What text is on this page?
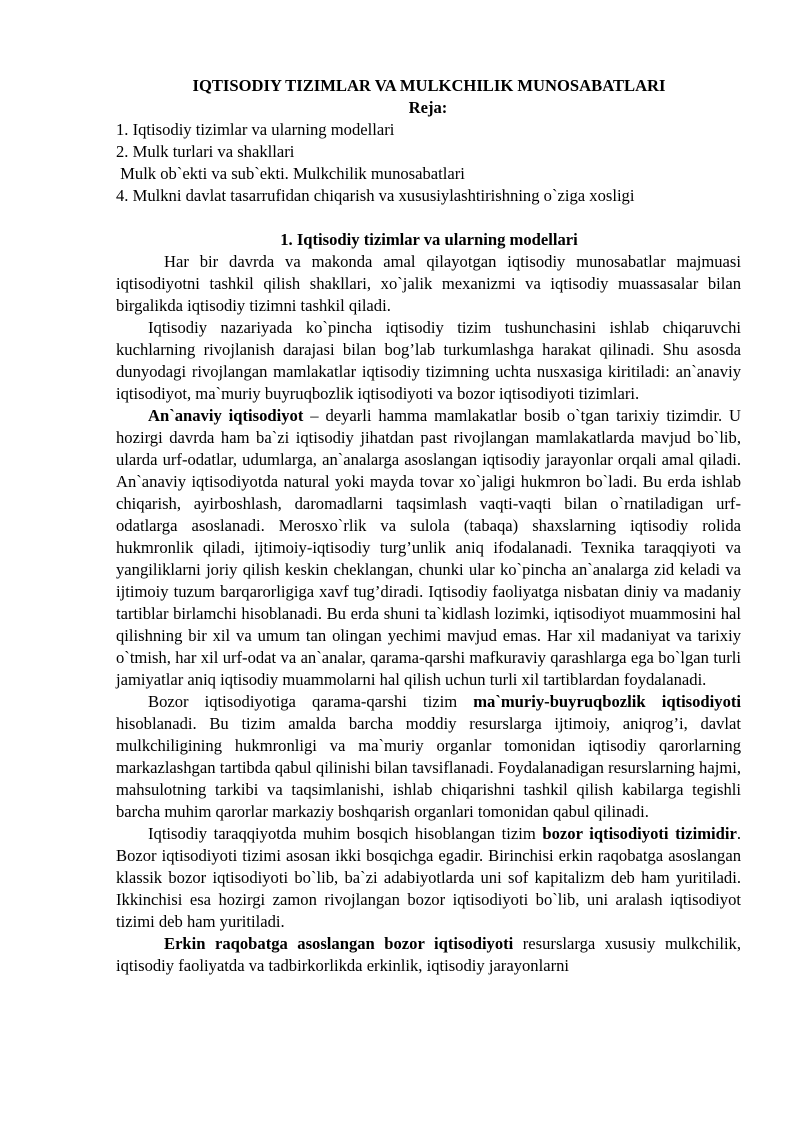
IQTISODIY TIZIMLAR VA MULKCHILIK MUNOSABATLARI
Reja:
1. Iqtisodiy tizimlar va ularning modellari
2. Mulk turlari va shakllari
Mulk ob`ekti va sub`ekti. Mulkchilik munosabatlari
4. Mulkni davlat tasarrufidan chiqarish va xususiylashtirishning o`ziga xosligi
1. Iqtisodiy tizimlar va ularning modellari

Har bir davrda va makonda amal qilayotgan iqtisodiy munosabatlar majmuasi iqtisodiyotni tashkil qilish shakllari, xo`jalik mexanizmi va iqtisodiy muassasalar bilan birgalikda iqtisodiy tizimni tashkil qiladi.

Iqtisodiy nazariyada ko`pincha iqtisodiy tizim tushunchasini ishlab chiqaruvchi kuchlarning rivojlanish darajasi bilan bog’lab turkumlashga harakat qilinadi. Shu asosda dunyodagi rivojlangan mamlakatlar iqtisodiy tizimning uchta nusxasiga kiritiladi: an`anaviy iqtisodiyot, ma`muriy buyruqbozlik iqtisodiyoti va bozor iqtisodiyoti tizimlari.

An`anaviy iqtisodiyot – deyarli hamma mamlakatlar bosib o`tgan tarixiy tizimdir. U hozirgi davrda ham ba`zi iqtisodiy jihatdan past rivojlangan mamlakatlarda mavjud bo`lib, ularda urf-odatlar, udumlarga, an`analarga asoslangan iqtisodiy jarayonlar orqali amal qiladi. An`anaviy iqtisodiyotda natural yoki mayda tovar xo`jaligi hukmron bo`ladi. Bu erda ishlab chiqarish, ayirboshlash, daromadlarni taqsimlash vaqti-vaqti bilan o`rnatiladigan urf-odatlarga asoslanadi. Merosxo`rlik va sulola (tabaqa) shaxslarning iqtisodiy rolida hukmronlik qiladi, ijtimoiy-iqtisodiy turg’unlik aniq ifodalanadi. Texnika taraqqiyoti va yangiliklarni joriy qilish keskin cheklangan, chunki ular ko`pincha an`analarga zid keladi va ijtimoiy tuzum barqarorligiga xavf tug’diradi. Iqtisodiy faoliyatga nisbatan diniy va madaniy tartiblar birlamchi hisoblanadi. Bu erda shuni ta`kidlash lozimki, iqtisodiyot muammosini hal qilishning bir xil va umum tan olingan yechimi mavjud emas. Har xil madaniyat va tarixiy o`tmish, har xil urf-odat va an`analar, qarama-qarshi mafkuraviy qarashlarga ega bo`lgan turli jamiyatlar aniq iqtisodiy muammolarni hal qilish uchun turli xil tartiblardan foydalanadi.

Bozor iqtisodiyotiga qarama-qarshi tizim ma`muriy-buyruqbozlik iqtisodiyoti hisoblanadi. Bu tizim amalda barcha moddiy resurslarga ijtimoiy, aniqrog’i, davlat mulkchiligining hukmronligi va ma`muriy organlar tomonidan iqtisodiy qarorlarning markazlashgan tartibda qabul qilinishi bilan tavsiflanadi. Foydalanadigan resurslarning hajmi, mahsulotning tarkibi va taqsimlanishi, ishlab chiqarishni tashkil qilish kabilarga tegishli barcha muhim qarorlar markaziy boshqarish organlari tomonidan qabul qilinadi.

Iqtisodiy taraqqiyotda muhim bosqich hisoblangan tizim bozor iqtisodiyoti tizimidir. Bozor iqtisodiyoti tizimi asosan ikki bosqichga egadir. Birinchisi erkin raqobatga asoslangan klassik bozor iqtisodiyoti bo`lib, ba`zi adabiyotlarda uni sof kapitalizm deb ham yuritiladi. Ikkinchisi esa hozirgi zamon rivojlangan bozor iqtisodiyoti bo`lib, uni aralash iqtisodiyot tizimi deb ham yuritiladi.

Erkin raqobatga asoslangan bozor iqtisodiyoti resurslarga xususiy mulkchilik, iqtisodiy faoliyatda va tadbirkorlikda erkinlik, iqtisodiy jarayonlarni
